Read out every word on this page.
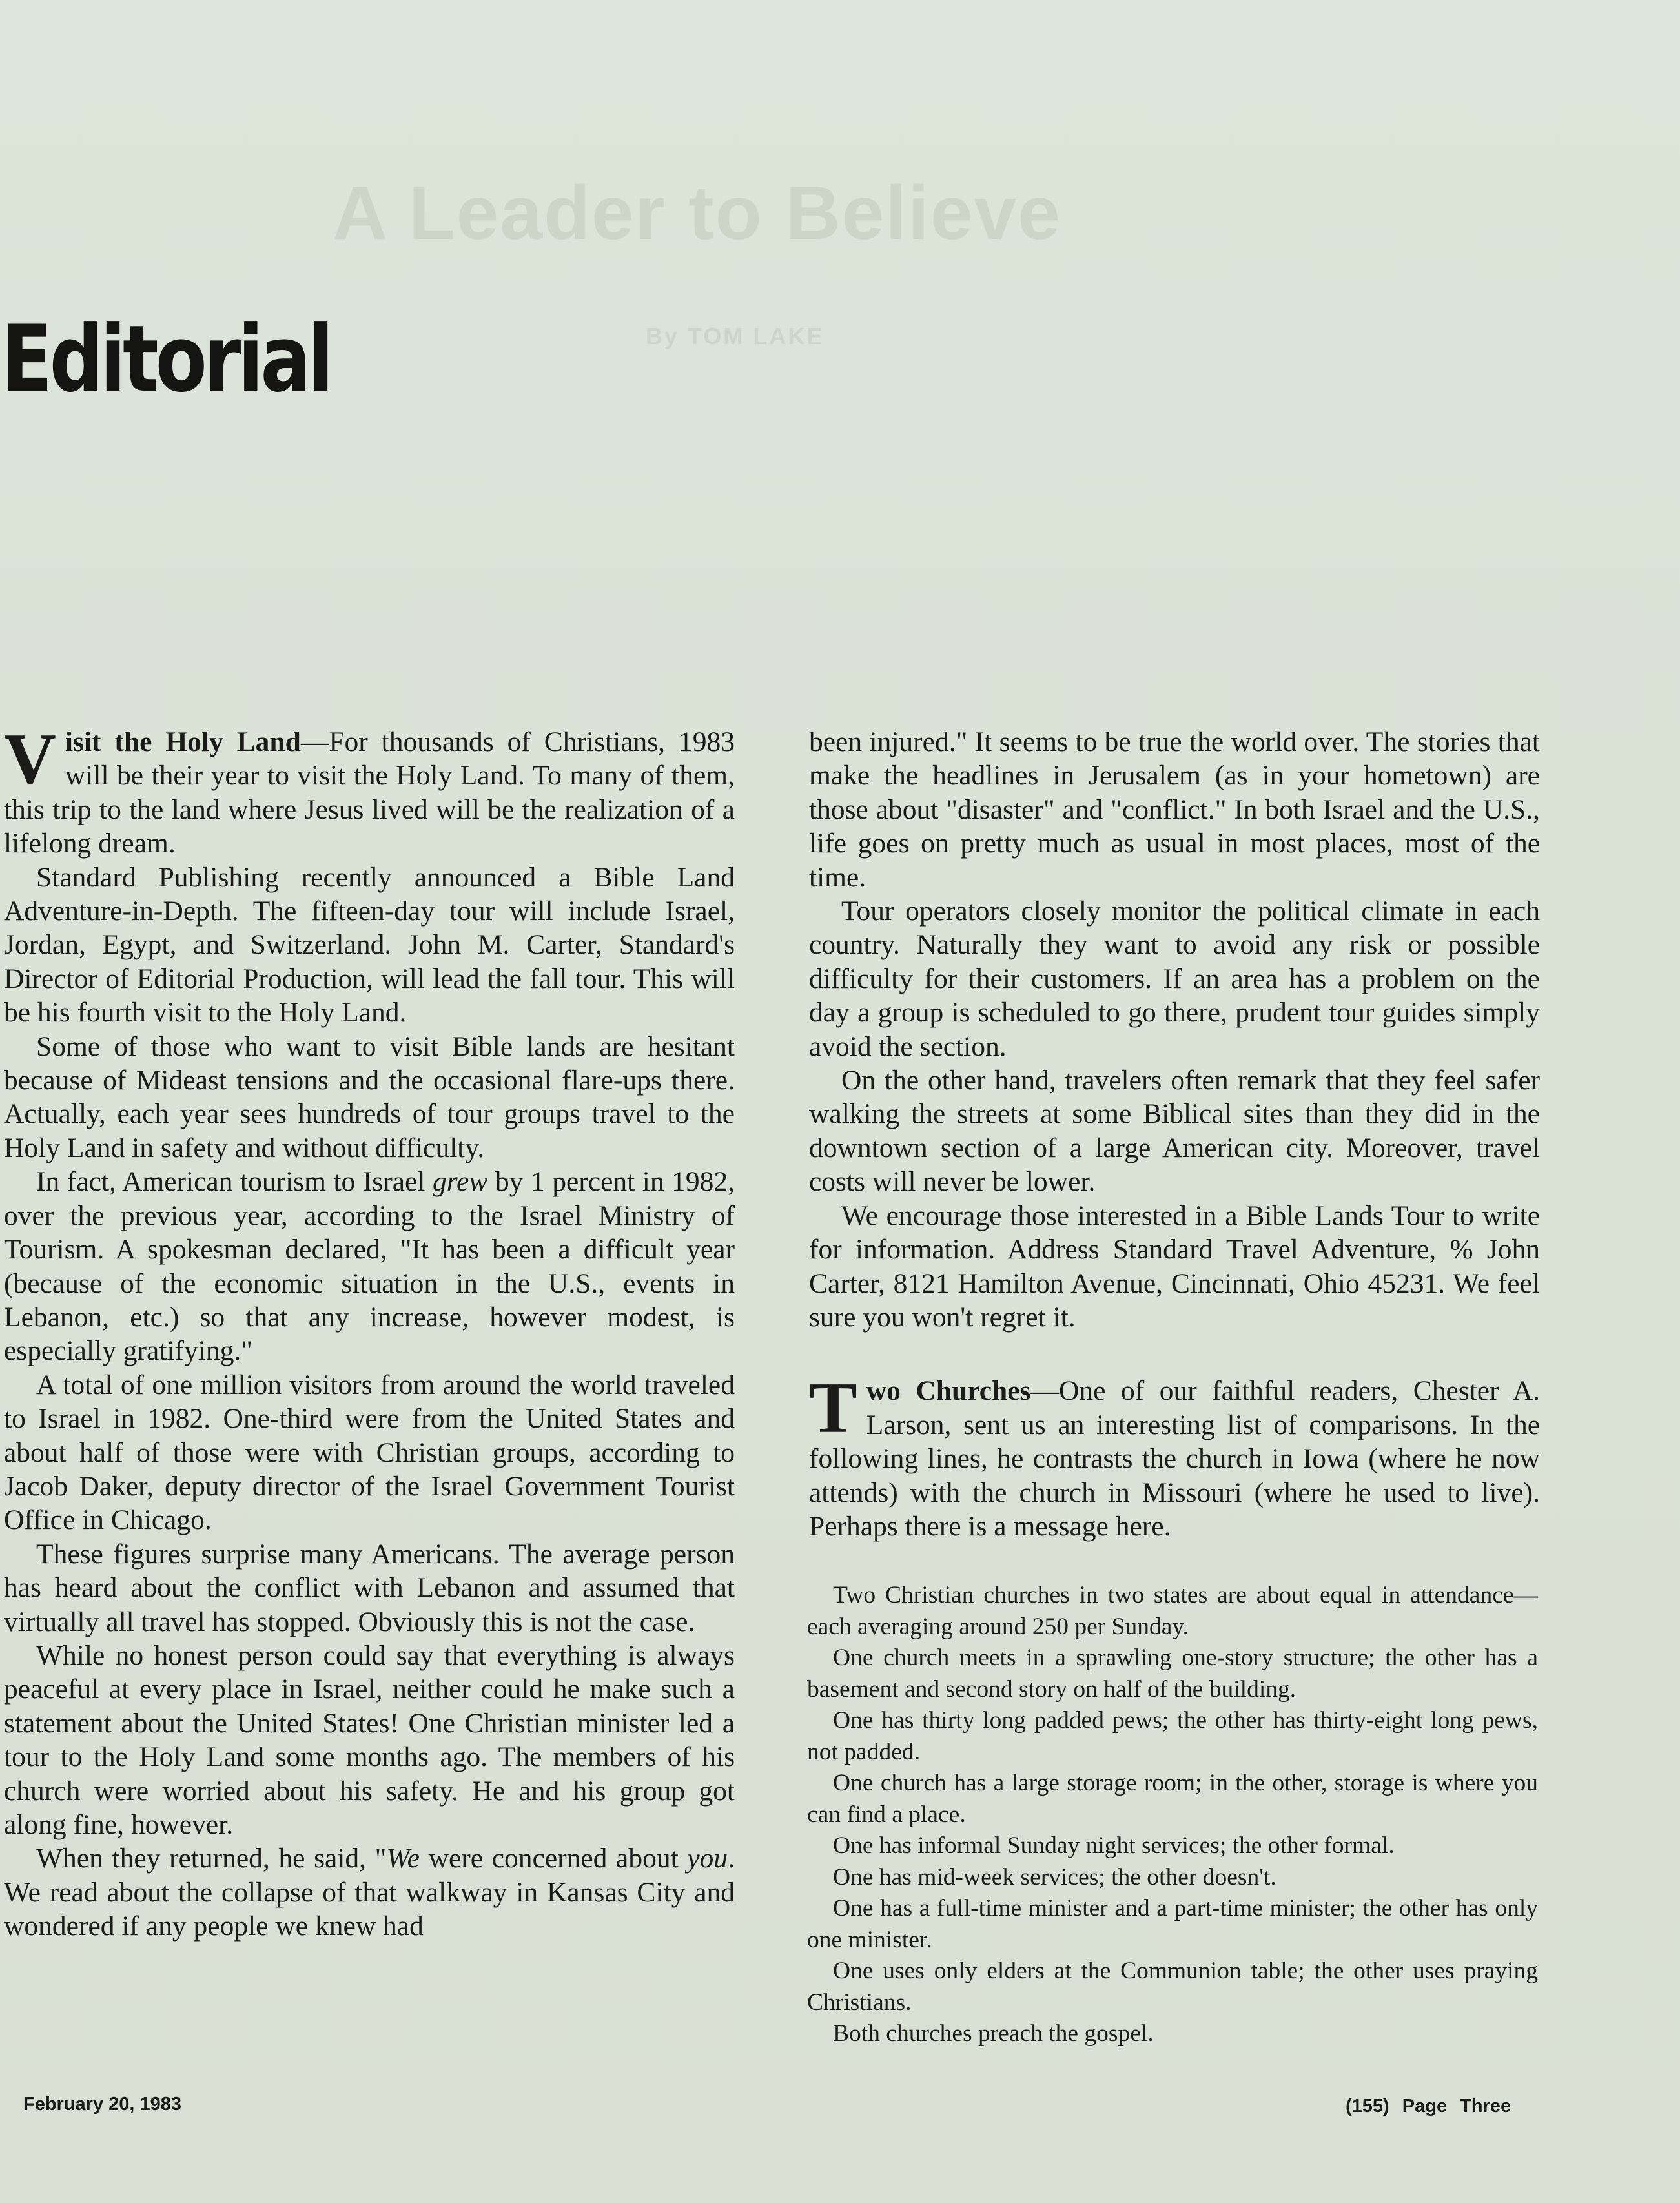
A Leader to Believe
By TOM LAKE
Editorial

Visit the Holy Land—For thousands of Christians, 1983 will be their year to visit the Holy Land. To many of them, this trip to the land where Jesus lived will be the realization of a lifelong dream.

Standard Publishing recently announced a Bible Land Adventure-in-Depth. The fifteen-day tour will include Israel, Jordan, Egypt, and Switzerland. John M. Carter, Standard's Director of Editorial Production, will lead the fall tour. This will be his fourth visit to the Holy Land.

Some of those who want to visit Bible lands are hesitant because of Mideast tensions and the occasional flare-ups there. Actually, each year sees hundreds of tour groups travel to the Holy Land in safety and without difficulty.

In fact, American tourism to Israel grew by 1 percent in 1982, over the previous year, according to the Israel Ministry of Tourism. A spokesman declared, "It has been a difficult year (because of the economic situation in the U.S., events in Lebanon, etc.) so that any increase, however modest, is especially gratifying."

A total of one million visitors from around the world traveled to Israel in 1982. One-third were from the United States and about half of those were with Christian groups, according to Jacob Daker, deputy director of the Israel Government Tourist Office in Chicago.

These figures surprise many Americans. The average person has heard about the conflict with Lebanon and assumed that virtually all travel has stopped. Obviously this is not the case.

While no honest person could say that everything is always peaceful at every place in Israel, neither could he make such a statement about the United States! One Christian minister led a tour to the Holy Land some months ago. The members of his church were worried about his safety. He and his group got along fine, however.

When they returned, he said, "We were concerned about you. We read about the collapse of that walkway in Kansas City and wondered if any people we knew had

been injured." It seems to be true the world over. The stories that make the headlines in Jerusalem (as in your hometown) are those about "disaster" and "conflict." In both Israel and the U.S., life goes on pretty much as usual in most places, most of the time.

Tour operators closely monitor the political climate in each country. Naturally they want to avoid any risk or possible difficulty for their customers. If an area has a problem on the day a group is scheduled to go there, prudent tour guides simply avoid the section.

On the other hand, travelers often remark that they feel safer walking the streets at some Biblical sites than they did in the downtown section of a large American city. Moreover, travel costs will never be lower.

We encourage those interested in a Bible Lands Tour to write for information. Address Standard Travel Adventure, % John Carter, 8121 Hamilton Avenue, Cincinnati, Ohio 45231. We feel sure you won't regret it.

Two Churches—One of our faithful readers, Chester A. Larson, sent us an interesting list of comparisons. In the following lines, he contrasts the church in Iowa (where he now attends) with the church in Missouri (where he used to live). Perhaps there is a message here.

Two Christian churches in two states are about equal in attendance—each averaging around 250 per Sunday.

One church meets in a sprawling one-story structure; the other has a basement and second story on half of the building.

One has thirty long padded pews; the other has thirty-eight long pews, not padded.

One church has a large storage room; in the other, storage is where you can find a place.

One has informal Sunday night services; the other formal.

One has mid-week services; the other doesn't.

One has a full-time minister and a part-time minister; the other has only one minister.

One uses only elders at the Communion table; the other uses praying Christians.

Both churches preach the gospel.

February 20, 1983	(155) Page Three
